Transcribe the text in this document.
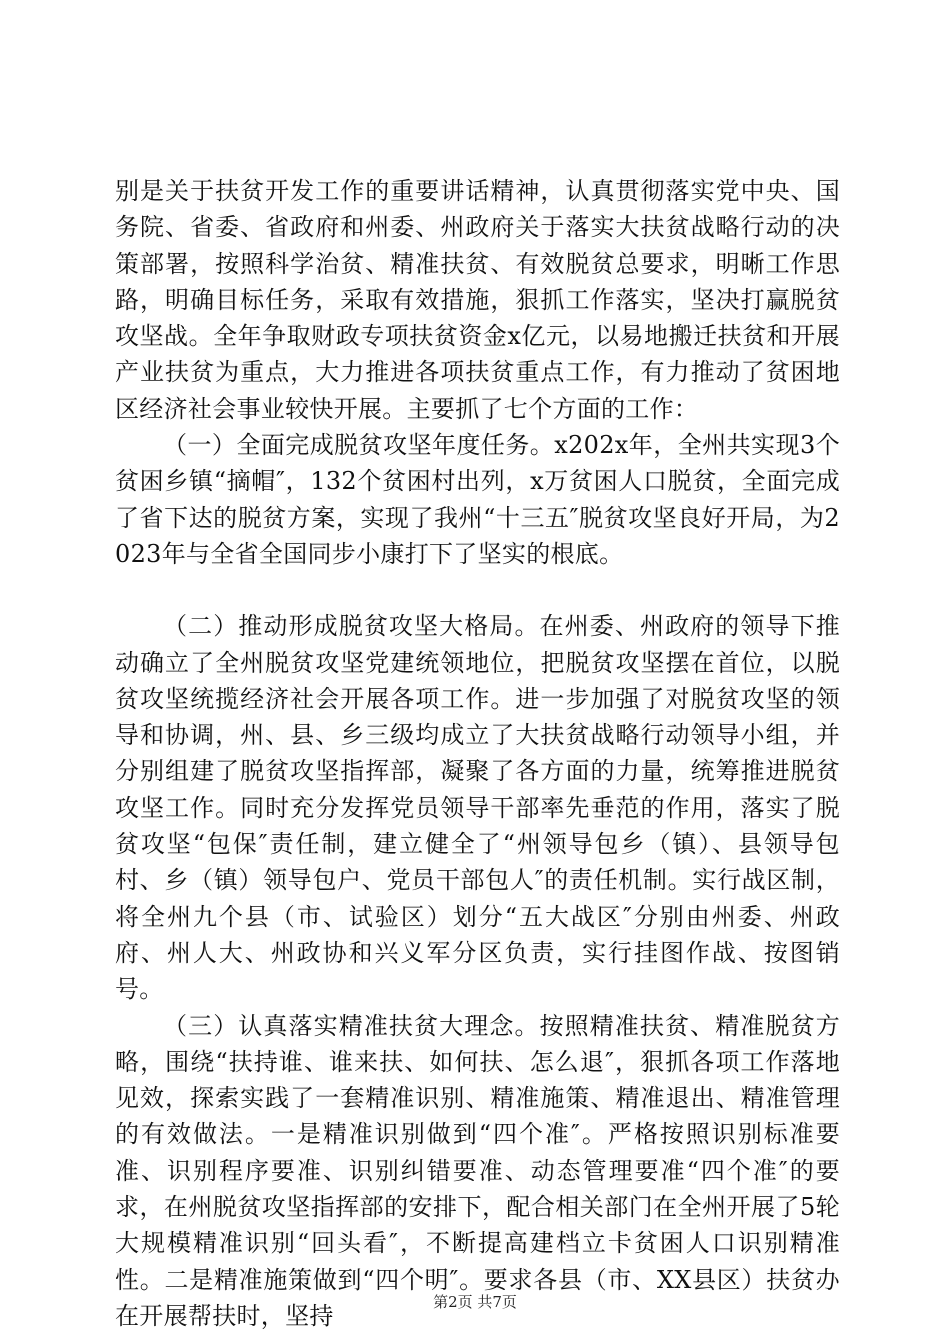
别是关于扶贫开发工作的重要讲话精神，认真贯彻落实党中央、国务院、省委、省政府和州委、州政府关于落实大扶贫战略行动的决策部署，按照科学治贫、精准扶贫、有效脱贫总要求，明晰工作思路，明确目标任务，采取有效措施，狠抓工作落实，坚决打赢脱贫攻坚战。全年争取财政专项扶贫资金x亿元，以易地搬迁扶贫和开展产业扶贫为重点，大力推进各项扶贫重点工作，有力推动了贫困地区经济社会事业较快开展。主要抓了七个方面的工作：

（一）全面完成脱贫攻坚年度任务。x202x年，全州共实现3个贫困乡镇“摘帽″，132个贫困村出列，x万贫困人口脱贫，全面完成了省下达的脱贫方案，实现了我州“十三五″脱贫攻坚良好开局，为2023年与全省全国同步小康打下了坚实的根底。

（二）推动形成脱贫攻坚大格局。在州委、州政府的领导下推动确立了全州脱贫攻坚党建统领地位，把脱贫攻坚摆在首位，以脱贫攻坚统揽经济社会开展各项工作。进一步加强了对脱贫攻坚的领导和协调，州、县、乡三级均成立了大扶贫战略行动领导小组，并分别组建了脱贫攻坚指挥部，凝聚了各方面的力量，统筹推进脱贫攻坚工作。同时充分发挥党员领导干部率先垂范的作用，落实了脱贫攻坚“包保″责任制，建立健全了“州领导包乡（镇）、县领导包村、乡（镇）领导包户、党员干部包人″的责任机制。实行战区制，将全州九个县（市、试验区）划分“五大战区″分别由州委、州政府、州人大、州政协和兴义军分区负责，实行挂图作战、按图销号。

（三）认真落实精准扶贫大理念。按照精准扶贫、精准脱贫方略，围绕“扶持谁、谁来扶、如何扶、怎么退″，狠抓各项工作落地见效，探索实践了一套精准识别、精准施策、精准退出、精准管理的有效做法。一是精准识别做到“四个准″。严格按照识别标准要准、识别程序要准、识别纠错要准、动态管理要准“四个准″的要求，在州脱贫攻坚指挥部的安排下，配合相关部门在全州开展了5轮大规模精准识别“回头看″，不断提高建档立卡贫困人口识别精准性。二是精准施策做到“四个明″。要求各县（市、XX县区）扶贫办在开展帮扶时，坚持	第2页 共7页
